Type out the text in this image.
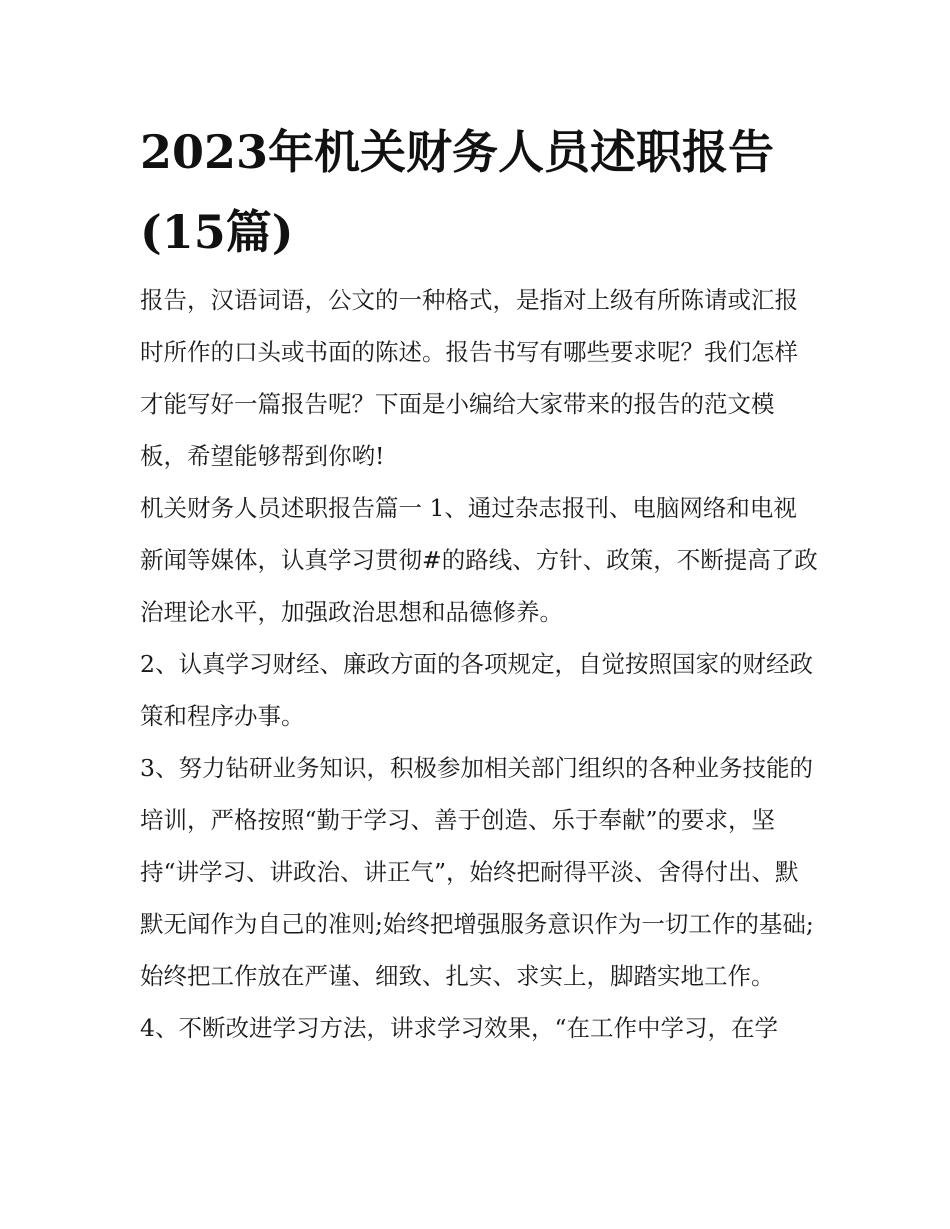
2023年机关财务人员述职报告(15篇)

报告，汉语词语，公文的一种格式，是指对上级有所陈请或汇报时所作的口头或书面的陈述。报告书写有哪些要求呢？我们怎样才能写好一篇报告呢？下面是小编给大家带来的报告的范文模板，希望能够帮到你哟!

机关财务人员述职报告篇一 1、通过杂志报刊、电脑网络和电视新闻等媒体，认真学习贯彻#的路线、方针、政策，不断提高了政治理论水平，加强政治思想和品德修养。

2、认真学习财经、廉政方面的各项规定，自觉按照国家的财经政策和程序办事。

3、努力钻研业务知识，积极参加相关部门组织的各种业务技能的培训，严格按照“勤于学习、善于创造、乐于奉献”的要求，坚持“讲学习、讲政治、讲正气”，始终把耐得平淡、舍得付出、默默无闻作为自己的准则;始终把增强服务意识作为一切工作的基础;始终把工作放在严谨、细致、扎实、求实上，脚踏实地工作。

4、不断改进学习方法，讲求学习效果，“在工作中学习，在学
